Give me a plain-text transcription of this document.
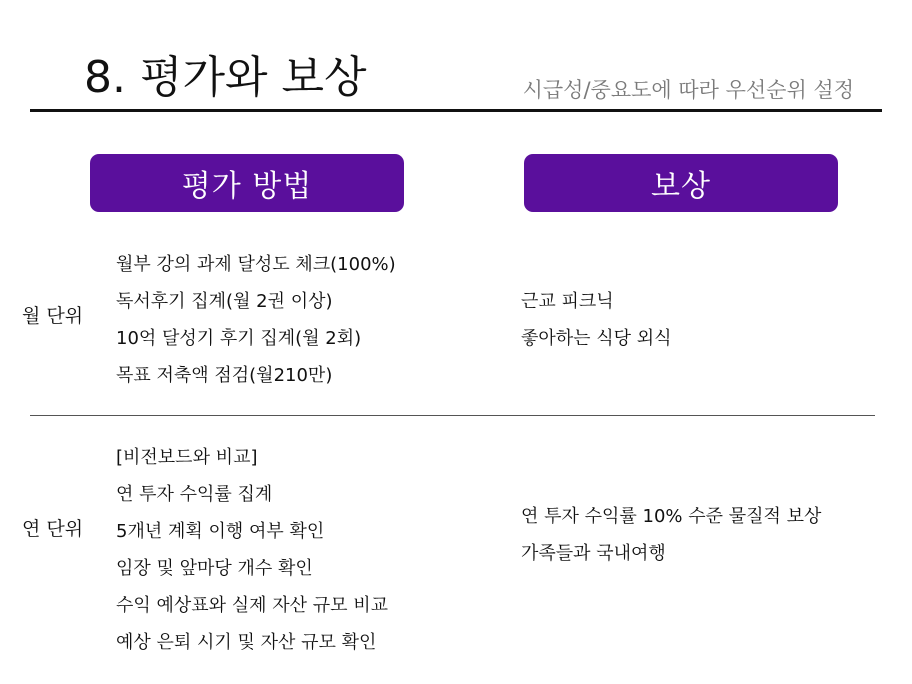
8. 평가와 보상	시급성/중요도에 따라 우선순위 설정
평가 방법	보상
월 단위
월부 강의 과제 달성도 체크(100%)
독서후기 집계(월 2권 이상)
10억 달성기 후기 집계(월 2회)
목표 저축액 점검(월210만)
근교 피크닉
좋아하는 식당 외식
연 단위
[비전보드와 비교]
연 투자 수익률 집계
5개년 계획 이행 여부 확인
임장 및 앞마당 개수 확인
수익 예상표와 실제 자산 규모 비교
예상 은퇴 시기 및 자산 규모 확인
연 투자 수익률 10% 수준 물질적 보상
가족들과 국내여행
